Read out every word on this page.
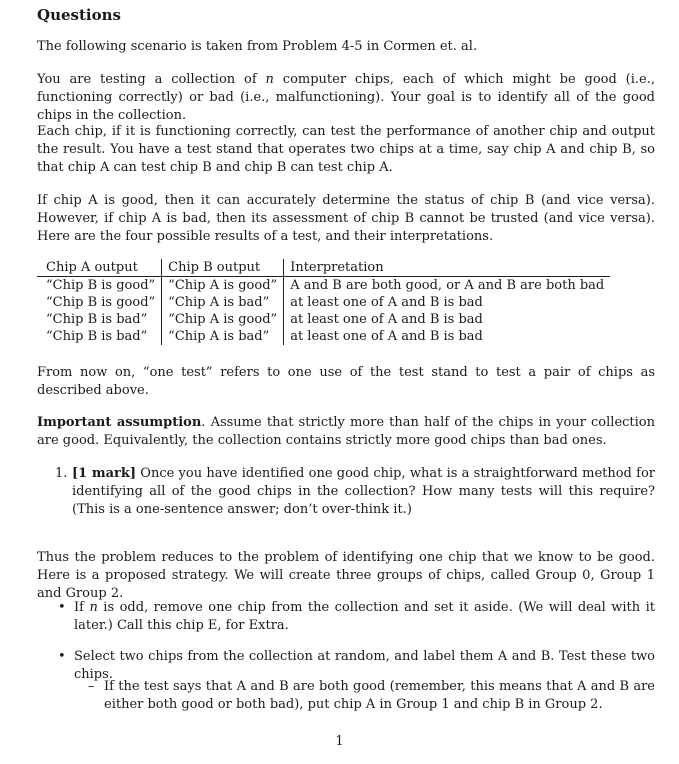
Questions

The following scenario is taken from Problem 4-5 in Cormen et. al.

You are testing a collection of n computer chips, each of which might be good (i.e., functioning correctly) or bad (i.e., malfunctioning). Your goal is to identify all of the good chips in the collection.

Each chip, if it is functioning correctly, can test the performance of another chip and output the result. You have a test stand that operates two chips at a time, say chip A and chip B, so that chip A can test chip B and chip B can test chip A.

If chip A is good, then it can accurately determine the status of chip B (and vice versa). However, if chip A is bad, then its assessment of chip B cannot be trusted (and vice versa). Here are the four possible results of a test, and their interpretations.

Chip A output	Chip B output	Interpretation
“Chip B is good”	“Chip A is good”	A and B are both good, or A and B are both bad
“Chip B is good”	“Chip A is bad”	at least one of A and B is bad
“Chip B is bad”	“Chip A is good”	at least one of A and B is bad
“Chip B is bad”	“Chip A is bad”	at least one of A and B is bad

From now on, “one test” refers to one use of the test stand to test a pair of chips as described above.

Important assumption. Assume that strictly more than half of the chips in your collection are good. Equivalently, the collection contains strictly more good chips than bad ones.

1. [1 mark] Once you have identified one good chip, what is a straightforward method for identifying all of the good chips in the collection? How many tests will this require? (This is a one-sentence answer; don’t over-think it.)

Thus the problem reduces to the problem of identifying one chip that we know to be good. Here is a proposed strategy. We will create three groups of chips, called Group 0, Group 1 and Group 2.

• If n is odd, remove one chip from the collection and set it aside. (We will deal with it later.) Call this chip E, for Extra.
• Select two chips from the collection at random, and label them A and B. Test these two chips.
– If the test says that A and B are both good (remember, this means that A and B are either both good or both bad), put chip A in Group 1 and chip B in Group 2.
1
